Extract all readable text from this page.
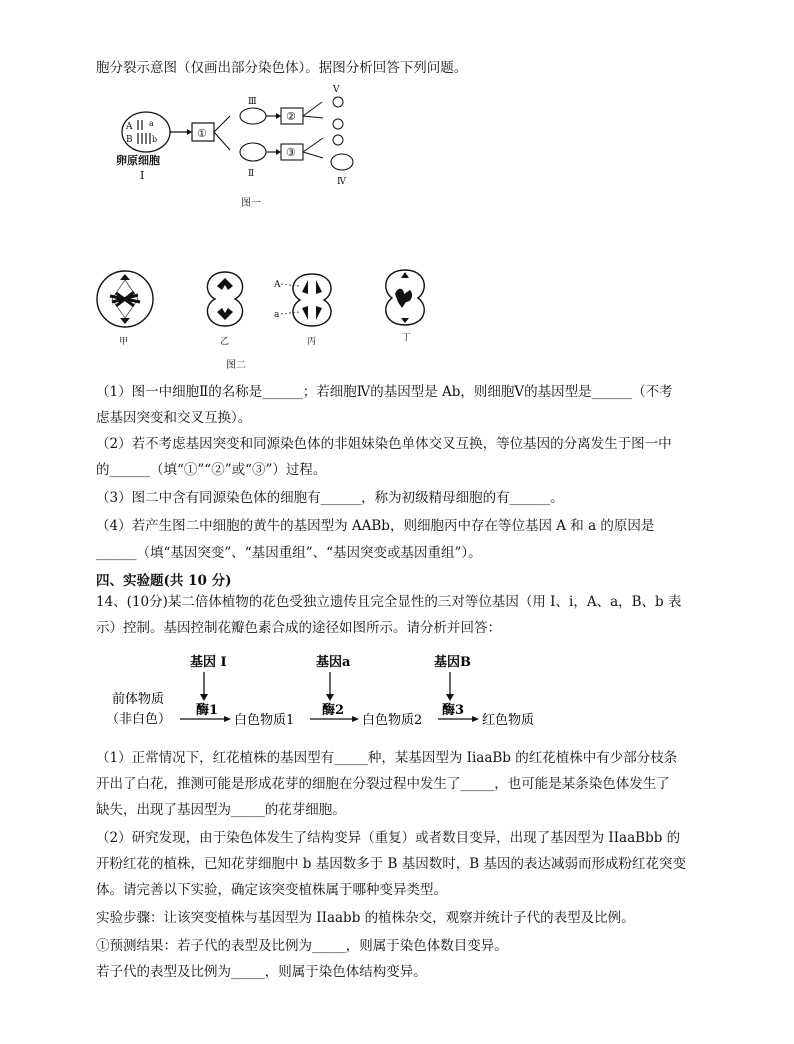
胞分裂示意图（仅画出部分染色体）。据图分析回答下列问题。
A a
B b
卵原细胞
I
①
Ⅲ
Ⅱ
②
③
Ⅴ
Ⅳ
图一
甲	乙
A
a
丙	丁
图二
（1）图一中细胞Ⅱ的名称是______；若细胞Ⅳ的基因型是 Ab，则细胞Ⅴ的基因型是______（不考
虑基因突变和交叉互换）。
（2）若不考虑基因突变和同源染色体的非姐妹染色单体交叉互换，等位基因的分离发生于图一中
的______（填“①”“②”或“③”）过程。
（3）图二中含有同源染色体的细胞有______，称为初级精母细胞的有______。
（4）若产生图二中细胞的黄牛的基因型为 AABb，则细胞丙中存在等位基因 A 和 a 的原因是
______（填“基因突变”、“基因重组”、“基因突变或基因重组”）。
四、实验题(共 10 分)
14、(10分)某二倍体植物的花色受独立遗传且完全显性的三对等位基因（用 I、i，A、a，B、b 表
示）控制。基因控制花瓣色素合成的途径如图所示。请分析并回答：
基因 I	基因a	基因B
前体物质
（非白色）
酶1
白色物质1
酶2
白色物质2
酶3
红色物质
（1）正常情况下，红花植株的基因型有_____种，某基因型为 IiaaBb 的红花植株中有少部分枝条
开出了白花，推测可能是形成花芽的细胞在分裂过程中发生了_____，也可能是某条染色体发生了
缺失，出现了基因型为_____的花芽细胞。
（2）研究发现，由于染色体发生了结构变异（重复）或者数目变异，出现了基因型为 IIaaBbb 的
开粉红花的植株，已知花芽细胞中 b 基因数多于 B 基因数时，B 基因的表达减弱而形成粉红花突变
体。请完善以下实验，确定该突变植株属于哪种变异类型。
实验步骤：让该突变植株与基因型为 IIaabb 的植株杂交，观察并统计子代的表型及比例。
①预测结果：若子代的表型及比例为_____，则属于染色体数目变异。
若子代的表型及比例为_____，则属于染色体结构变异。
